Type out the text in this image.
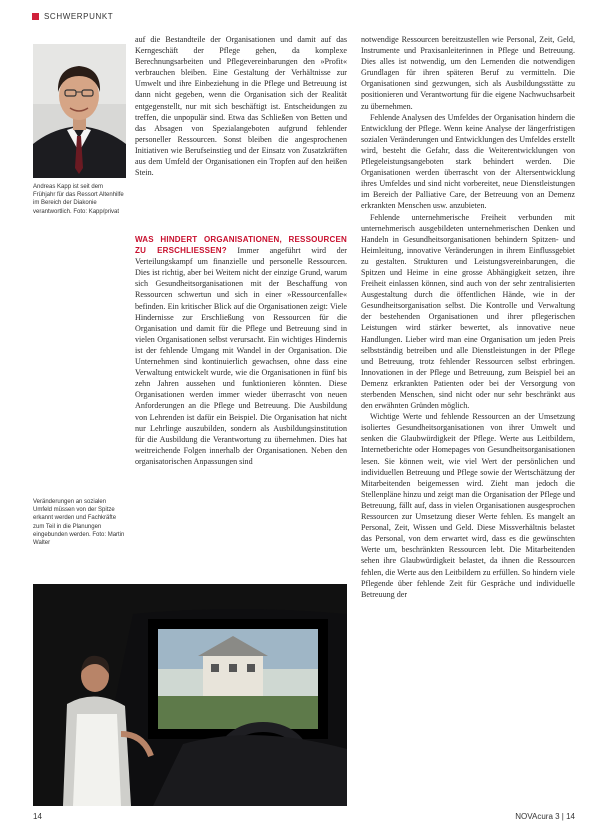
SCHWERPUNKT
Andreas Kapp ist seit dem Frühjahr für das Ressort Altenhilfe im Bereich der Diakonie verantwortlich. Foto: Kapp/privat

auf die Bestandteile der Organisationen und damit auf das Kerngeschäft der Pflege gehen, da komplexe Berechnungsarbeiten und Pflegevereinbarungen den »Profit« verbrauchen bleiben. Eine Gestaltung der Verhältnisse zur Umwelt und ihre Einbeziehung in die Pflege und Betreuung ist dann nicht gegeben, wenn die Organisation sich der Realität entgegenstellt, nur mit sich beschäftigt ist. Entscheidungen zu treffen, die unpopulär sind. Etwa das Schließen von Betten und das Absagen von Spezialangeboten aufgrund fehlender personeller Ressourcen. Sonst bleiben die angesprochenen Initiativen wie Berufseinstieg und der Einsatz von Zusatzkräften aus dem Umfeld der Organisationen ein Tropfen auf den heißen Stein.

WAS HINDERT ORGANISATIONEN, RESSOURCEN ZU ERSCHLIESSEN? Immer angeführt wird der Verteilungskampf um finanzielle und personelle Ressourcen. Dies ist richtig, aber bei Weitem nicht der einzige Grund, warum sich Gesundheitsorganisationen mit der Beschaffung von Ressourcen schwertun und sich in einer »Ressourcenfalle« befinden. Ein kritischer Blick auf die Organisationen zeigt: Viele Hindernisse zur Erschließung von Ressourcen für die Organisation und damit für die Pflege und Betreuung sind in vielen Organisationen selbst verursacht. Ein wichtiges Hindernis ist der fehlende Umgang mit Wandel in der Organisation. Die Unternehmen sind kontinuierlich gewachsen, ohne dass eine Verwaltung entwickelt wurde, wie die Organisationen in fünf bis zehn Jahren aussehen und funktionieren könnten. Diese Organisationen werden immer wieder überrascht von neuen Anforderungen an die Pflege und Betreuung. Die Ausbildung von Lehrenden ist dafür ein Beispiel. Die Organisation hat nicht nur Lehrlinge auszubilden, sondern als Ausbildungsinstitution für die Ausbildung die Verantwortung zu übernehmen. Dies hat weitreichende Folgen innerhalb der Organisationen. Neben den organisatorischen Anpassungen sind

Veränderungen an sozialen Umfeld müssen von der Spitze erkannt werden und Fachkräfte zum Teil in die Planungen eingebunden werden. Foto: Martin Walter

notwendige Ressourcen bereitzustellen wie Personal, Zeit, Geld, Instrumente und Praxisanleiterinnen in Pflege und Betreuung. Dies alles ist notwendig, um den Lernenden die notwendigen Grundlagen für ihren späteren Beruf zu vermitteln. Die Organisationen sind gezwungen, sich als Ausbildungsstätte zu positionieren und Verantwortung für die eigene Nachwuchsarbeit zu übernehmen.

Fehlende Analysen des Umfeldes der Organisation hindern die Entwicklung der Pflege. Wenn keine Analyse der längerfristigen sozialen Veränderungen und Entwicklungen des Umfeldes erstellt wird, besteht die Gefahr, dass die Weiterentwicklungen von Pflegeleistungsangeboten stark behindert werden. Die Organisationen werden überrascht von der Altersentwicklung ihres Umfeldes und sind nicht vorbereitet, neue Dienstleistungen im Bereich der Palliative Care, der Betreuung von an Demenz erkrankten Menschen usw. anzubieten.

Fehlende unternehmerische Freiheit verbunden mit unternehmerisch ausgebildeten unternehmerischen Denken und Handeln in Gesundheitsorganisationen behindern Spitzen- und Heimleitung, innovative Veränderungen in ihrem Einflussgebiet zu gestalten. Strukturen und Leistungsvereinbarungen, die Spitzen und Heime in eine grosse Abhängigkeit setzen, ihre Freiheit einlassen können, sind auch von der sehr zentralisierten Ausgestaltung durch die öffentlichen Hände, wie in der Gesundheitsorganisation selbst. Die Kontrolle und Verwaltung der bestehenden Organisationen und ihrer pflegerischen Leistungen wird stärker bewertet, als innovative neue Handlungen. Lieber wird man eine Organisation um jeden Preis selbstständig betreiben und alle Dienstleistungen in der Pflege und Betreuung, trotz fehlender Ressourcen selbst erbringen. Innovationen in der Pflege und Betreuung, zum Beispiel bei an Demenz erkrankten Patienten oder bei der Versorgung von sterbenden Menschen, sind nicht oder nur sehr beschränkt aus den erwähnten Gründen möglich.

Wichtige Werte und fehlende Ressourcen an der Umsetzung isoliertes Gesundheitsorganisationen von ihrer Umwelt und senken die Glaubwürdigkeit der Pflege. Werte aus Leitbildern, Internetberichte oder Homepages von Gesundheitsorganisationen lesen. Sie können weit, wie viel Wert der persönlichen und individuellen Betreuung und Pflege sowie der Wertschätzung der Mitarbeitenden beigemessen wird. Zieht man jedoch die Stellenpläne hinzu und zeigt man die Organisation der Pflege und Betreuung, fällt auf, dass in vielen Organisationen ausgesprochen Ressourcen zur Umsetzung dieser Werte fehlen. Es mangelt an Personal, Zeit, Wissen und Geld. Diese Missverhältnis belastet das Personal, von dem erwartet wird, dass es die gewünschten Werte um, beschränkten Ressourcen lebt. Die Mitarbeitenden sehen ihre Glaubwürdigkeit belastet, da ihnen die Ressourcen fehlen, die Werte aus den Leitbildern zu erfüllen. So hindern viele Pflegende über fehlende Zeit für Gespräche und individuelle Betreuung der

14	NOVAcura 3 | 14
